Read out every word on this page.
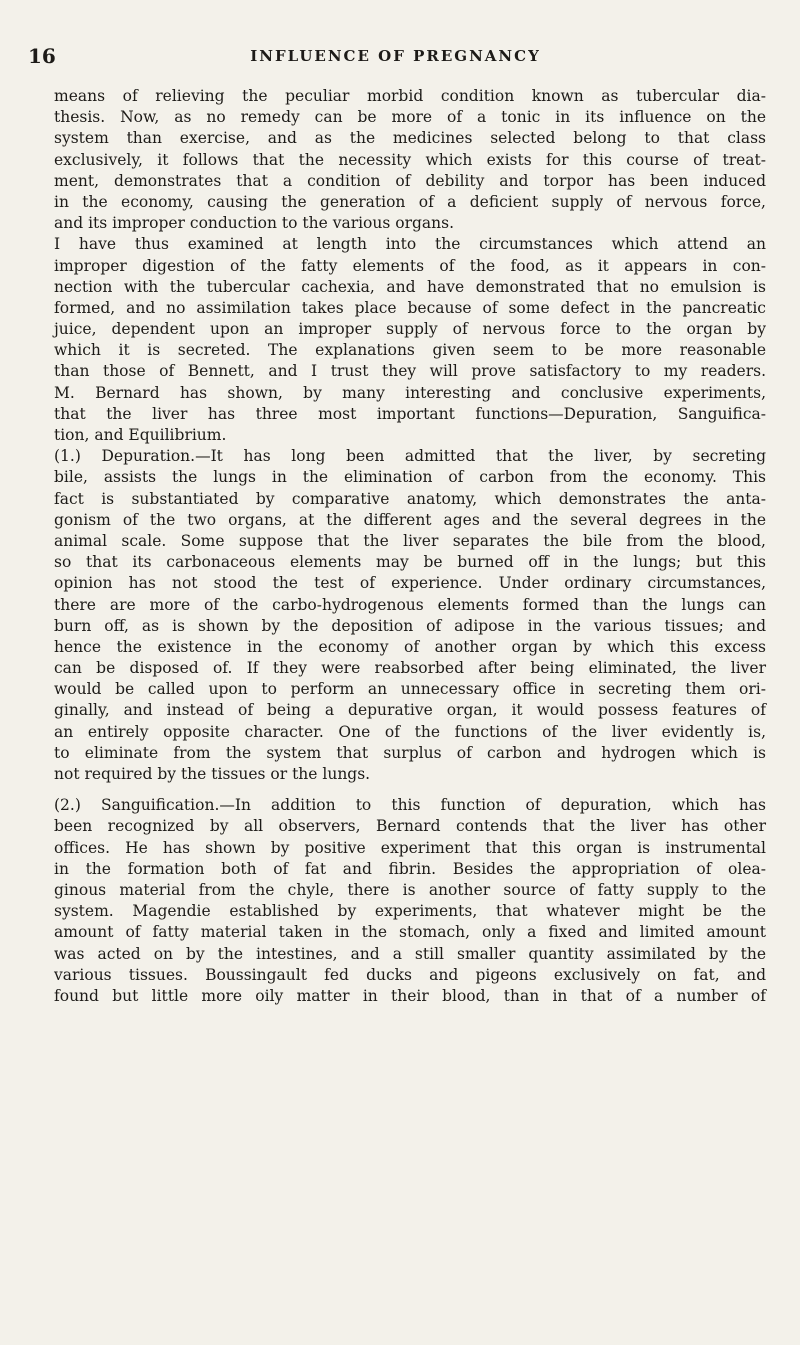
16	INFLUENCE OF PREGNANCY
means of relieving the peculiar morbid condition known as tubercular dia-
thesis. Now, as no remedy can be more of a tonic in its influence on the
system than exercise, and as the medicines selected belong to that class
exclusively, it follows that the necessity which exists for this course of treat-
ment, demonstrates that a condition of debility and torpor has been induced
in the economy, causing the generation of a deficient supply of nervous force,
and its improper conduction to the various organs.
I have thus examined at length into the circumstances which attend an
improper digestion of the fatty elements of the food, as it appears in con-
nection with the tubercular cachexia, and have demonstrated that no emulsion is
formed, and no assimilation takes place because of some defect in the pancreatic
juice, dependent upon an improper supply of nervous force to the organ by
which it is secreted. The explanations given seem to be more reasonable
than those of Bennett, and I trust they will prove satisfactory to my readers.
M. Bernard has shown, by many interesting and conclusive experiments,
that the liver has three most important functions—Depuration, Sanguifica-
tion, and Equilibrium.
(1.) Depuration.—It has long been admitted that the liver, by secreting
bile, assists the lungs in the elimination of carbon from the economy. This
fact is substantiated by comparative anatomy, which demonstrates the anta-
gonism of the two organs, at the different ages and the several degrees in the
animal scale. Some suppose that the liver separates the bile from the blood,
so that its carbonaceous elements may be burned off in the lungs; but this
opinion has not stood the test of experience. Under ordinary circumstances,
there are more of the carbo-hydrogenous elements formed than the lungs can
burn off, as is shown by the deposition of adipose in the various tissues; and
hence the existence in the economy of another organ by which this excess
can be disposed of. If they were reabsorbed after being eliminated, the liver
would be called upon to perform an unnecessary office in secreting them ori-
ginally, and instead of being a depurative organ, it would possess features of
an entirely opposite character. One of the functions of the liver evidently is,
to eliminate from the system that surplus of carbon and hydrogen which is
not required by the tissues or the lungs.
(2.) Sanguification.—In addition to this function of depuration, which has
been recognized by all observers, Bernard contends that the liver has other
offices. He has shown by positive experiment that this organ is instrumental
in the formation both of fat and fibrin. Besides the appropriation of olea-
ginous material from the chyle, there is another source of fatty supply to the
system. Magendie established by experiments, that whatever might be the
amount of fatty material taken in the stomach, only a fixed and limited amount
was acted on by the intestines, and a still smaller quantity assimilated by the
various tissues. Boussingault fed ducks and pigeons exclusively on fat, and
found but little more oily matter in their blood, than in that of a number of
